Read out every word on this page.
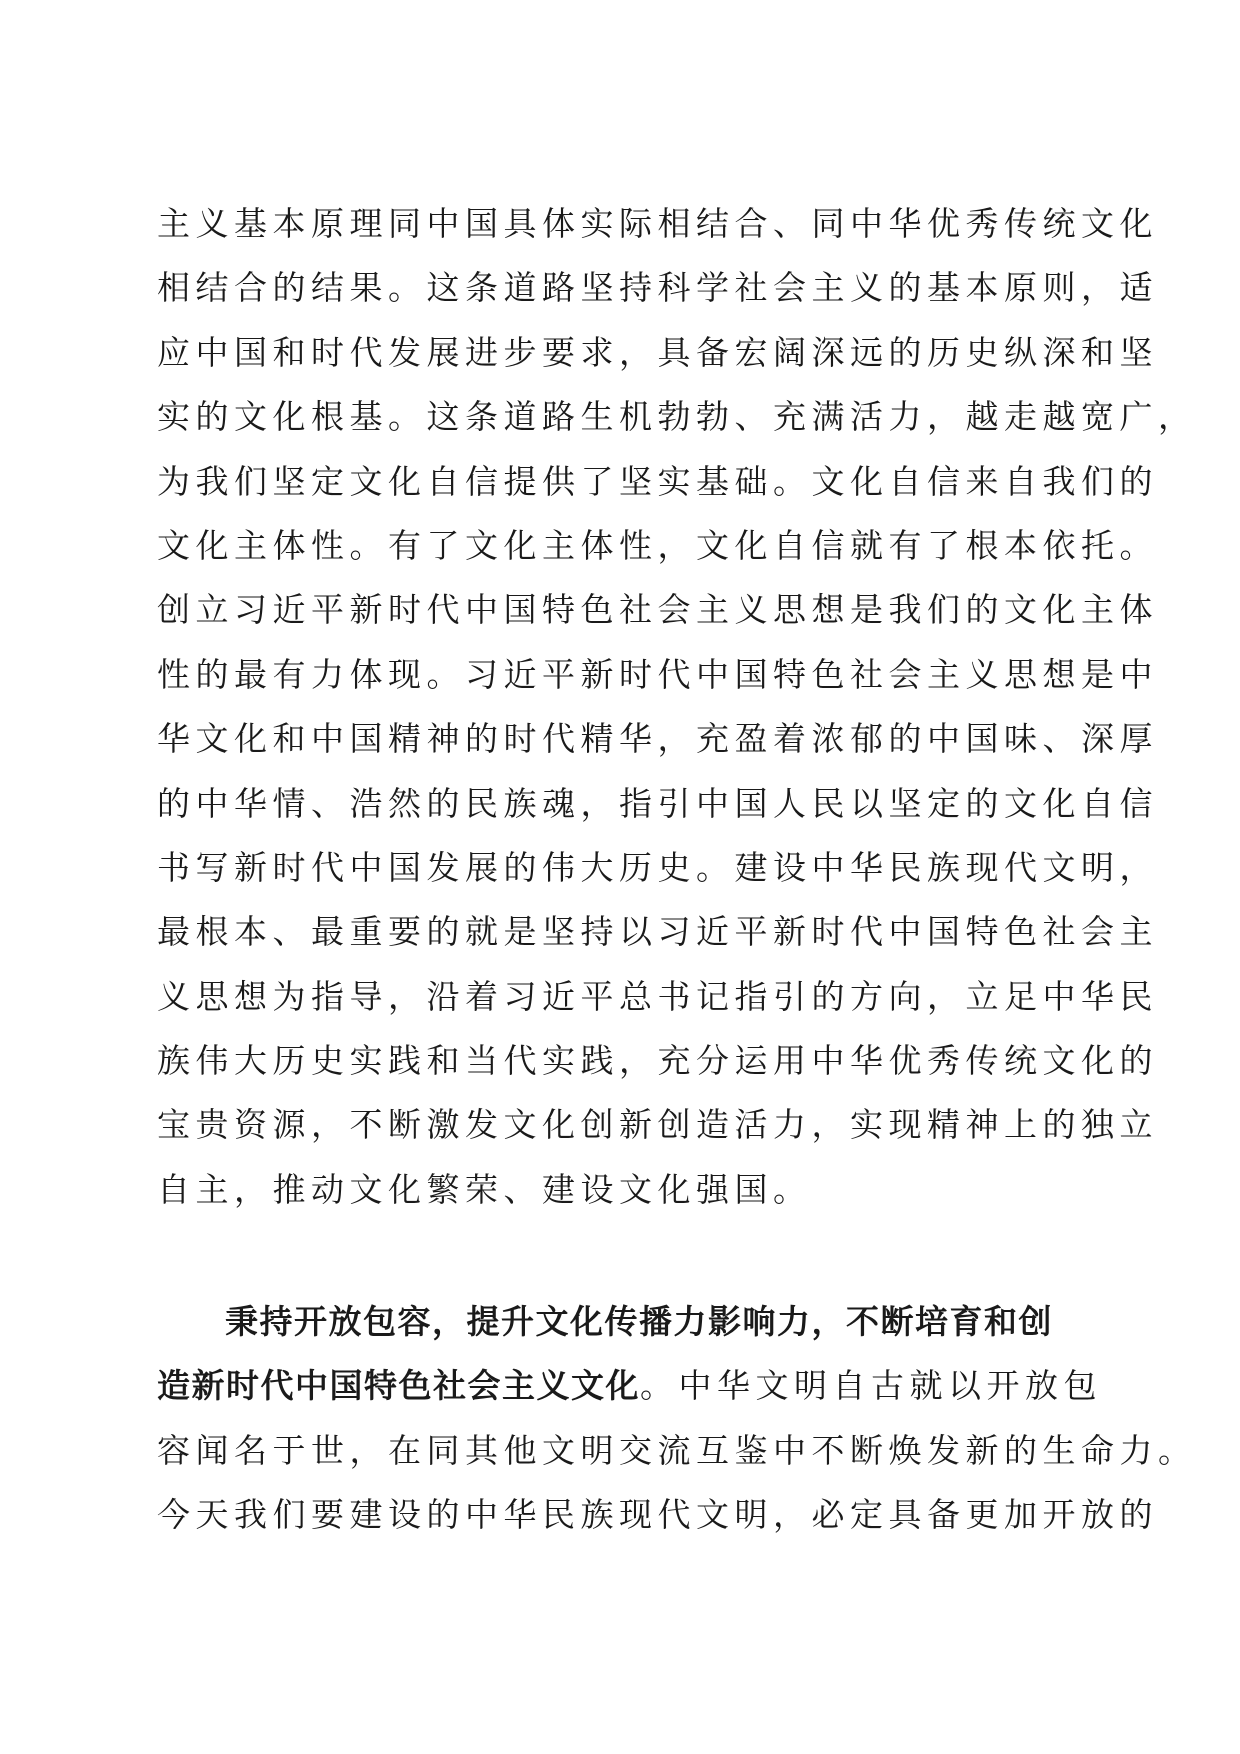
主义基本原理同中国具体实际相结合、同中华优秀传统文化
相结合的结果。这条道路坚持科学社会主义的基本原则，适
应中国和时代发展进步要求，具备宏阔深远的历史纵深和坚
实的文化根基。这条道路生机勃勃、充满活力，越走越宽广，
为我们坚定文化自信提供了坚实基础。文化自信来自我们的
文化主体性。有了文化主体性，文化自信就有了根本依托。
创立习近平新时代中国特色社会主义思想是我们的文化主体
性的最有力体现。习近平新时代中国特色社会主义思想是中
华文化和中国精神的时代精华，充盈着浓郁的中国味、深厚
的中华情、浩然的民族魂，指引中国人民以坚定的文化自信
书写新时代中国发展的伟大历史。建设中华民族现代文明，
最根本、最重要的就是坚持以习近平新时代中国特色社会主
义思想为指导，沿着习近平总书记指引的方向，立足中华民
族伟大历史实践和当代实践，充分运用中华优秀传统文化的
宝贵资源，不断激发文化创新创造活力，实现精神上的独立
自主，推动文化繁荣、建设文化强国。
秉持开放包容，提升文化传播力影响力，不断培育和创
造新时代中国特色社会主义文化。中华文明自古就以开放包
容闻名于世，在同其他文明交流互鉴中不断焕发新的生命力。
今天我们要建设的中华民族现代文明，必定具备更加开放的
